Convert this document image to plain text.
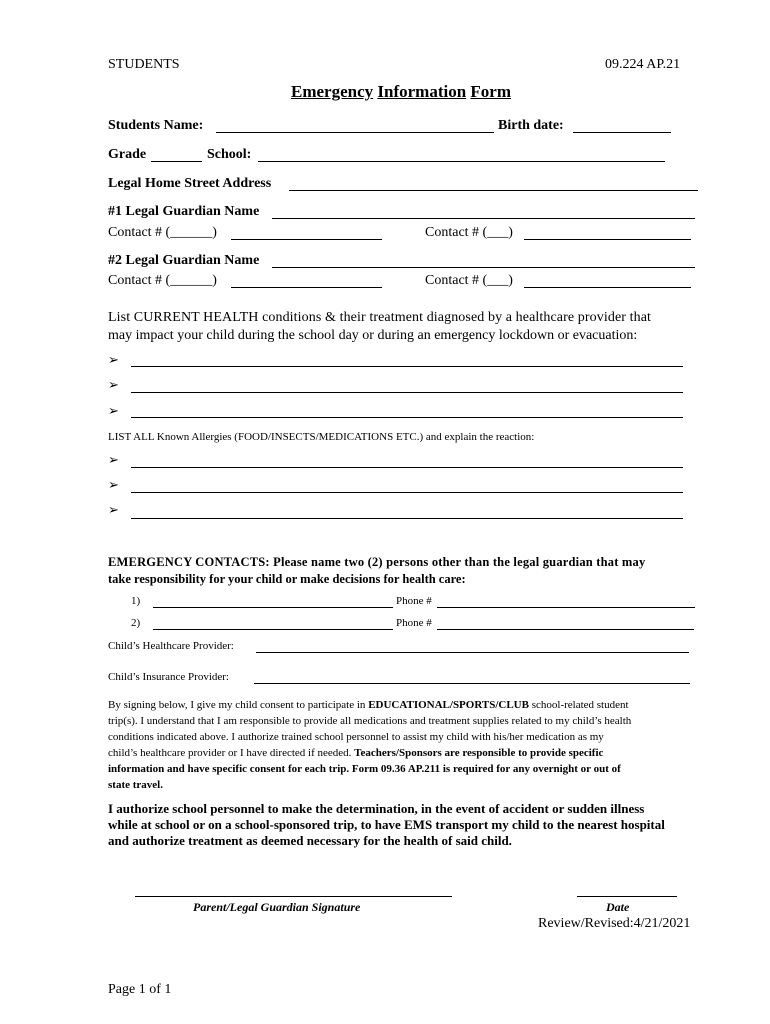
STUDENTS	09.224 AP.21
Emergency Information Form
Students Name:	Birth date:
Grade	School:
Legal Home Street Address
#1 Legal Guardian Name
Contact # (______)	Contact # (___)
#2 Legal Guardian Name
Contact # (______)	Contact # (___)
List CURRENT HEALTH conditions & their treatment diagnosed by a healthcare provider that
may impact your child during the school day or during an emergency lockdown or evacuation:
➢
➢
➢
LIST ALL Known Allergies (FOOD/INSECTS/MEDICATIONS ETC.) and explain the reaction:
➢
➢
➢
EMERGENCY CONTACTS: Please name two (2) persons other than the legal guardian that may
take responsibility for your child or make decisions for health care:
1)	Phone #
2)	Phone #
Child’s Healthcare Provider:
Child’s Insurance Provider:
By signing below, I give my child consent to participate in EDUCATIONAL/SPORTS/CLUB school-related student
trip(s). I understand that I am responsible to provide all medications and treatment supplies related to my child’s health
conditions indicated above. I authorize trained school personnel to assist my child with his/her medication as my
child’s healthcare provider or I have directed if needed. Teachers/Sponsors are responsible to provide specific
information and have specific consent for each trip. Form 09.36 AP.211 is required for any overnight or out of
state travel.
I authorize school personnel to make the determination, in the event of accident or sudden illness
while at school or on a school-sponsored trip, to have EMS transport my child to the nearest hospital
and authorize treatment as deemed necessary for the health of said child.
Parent/Legal Guardian Signature	Date
Review/Revised:4/21/2021
Page 1 of 1
